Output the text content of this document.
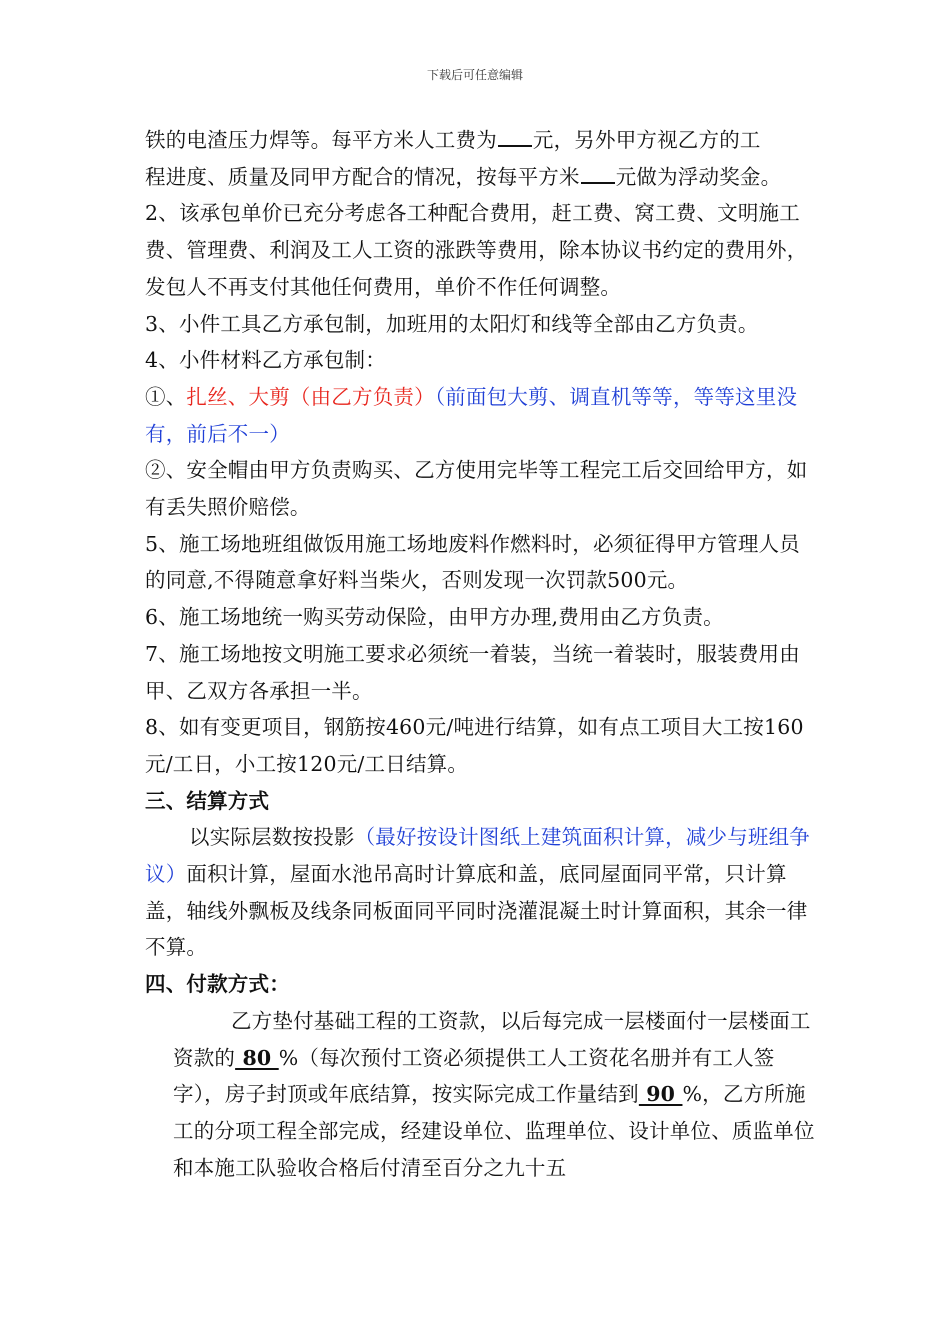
下载后可任意编辑

铁的电渣压力焊等。每平方米人工费为 元，另外甲方视乙方的工
程进度、质量及同甲方配合的情况，按每平方米 元做为浮动奖金。

2、该承包单价已充分考虑各工种配合费用，赶工费、窝工费、文明施工费、管理费、利润及工人工资的涨跌等费用，除本协议书约定的费用外，发包人不再支付其他任何费用，单价不作任何调整。

3、小件工具乙方承包制，加班用的太阳灯和线等全部由乙方负责。

4、小件材料乙方承包制：

①、扎丝、大剪（由乙方负责）（前面包大剪、调直机等等，等等这里没有，前后不一）

②、安全帽由甲方负责购买、乙方使用完毕等工程完工后交回给甲方，如有丢失照价赔偿。

5、施工场地班组做饭用施工场地废料作燃料时，必须征得甲方管理人员的同意,不得随意拿好料当柴火，否则发现一次罚款500元。

6、施工场地统一购买劳动保险，由甲方办理,费用由乙方负责。

7、施工场地按文明施工要求必须统一着装，当统一着装时，服装费用由甲、乙双方各承担一半。

8、如有变更项目，钢筋按460元/吨进行结算，如有点工项目大工按160元/工日，小工按120元/工日结算。

三、结算方式

以实际层数按投影（最好按设计图纸上建筑面积计算，减少与班组争议）面积计算，屋面水池吊高时计算底和盖，底同屋面同平常，只计算盖，轴线外飘板及线条同板面同平同时浇灌混凝土时计算面积，其余一律不算。

四、付款方式：

乙方垫付基础工程的工资款，以后每完成一层楼面付一层楼面工资款的 80 %（每次预付工资必须提供工人工资花名册并有工人签字），房子封顶或年底结算，按实际完成工作量结到 90 %，乙方所施工的分项工程全部完成，经建设单位、监理单位、设计单位、质监单位和本施工队验收合格后付清至百分之九十五
